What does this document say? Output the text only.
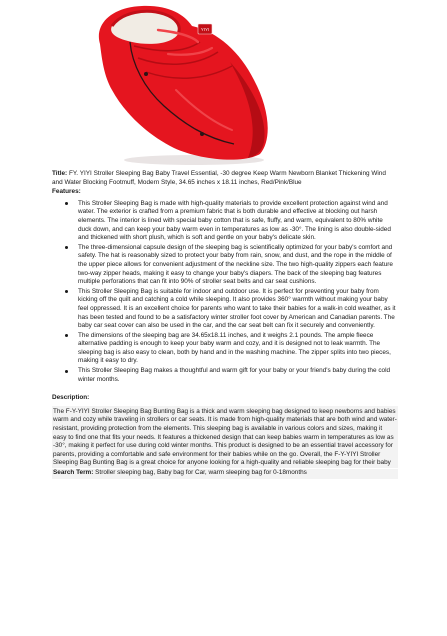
YIYI

Title: FY. YIYI Stroller Sleeping Bag Baby Travel Essential, -30 degree Keep Warm Newborn Blanket Thickening Wind and Water Blocking Footmuff, Modern Style, 34.65 inches x 18.11 inches, Red/Pink/Blue

Features:

This Stroller Sleeping Bag is made with high-quality materials to provide excellent protection against wind and water. The exterior is crafted from a premium fabric that is both durable and effective at blocking out harsh elements. The interior is lined with special baby cotton that is safe, fluffy, and warm, equivalent to 80% white duck down, and can keep your baby warm even in temperatures as low as -30°. The lining is also double-sided and thickened with short plush, which is soft and gentle on your baby's delicate skin.
The three-dimensional capsule design of the sleeping bag is scientifically optimized for your baby's comfort and safety. The hat is reasonably sized to protect your baby from rain, snow, and dust, and the rope in the middle of the upper piece allows for convenient adjustment of the neckline size. The two high-quality zippers each feature two-way zipper heads, making it easy to change your baby's diapers. The back of the sleeping bag features multiple perforations that can fit into 90% of stroller seat belts and car seat cushions.
This Stroller Sleeping Bag is suitable for indoor and outdoor use. It is perfect for preventing your baby from kicking off the quilt and catching a cold while sleeping. It also provides 360° warmth without making your baby feel oppressed. It is an excellent choice for parents who want to take their babies for a walk-in cold weather, as it has been tested and found to be a satisfactory winter stroller foot cover by American and Canadian parents. The baby car seat cover can also be used in the car, and the car seat belt can fix it securely and conveniently.
The dimensions of the sleeping bag are 34.65x18.11 inches, and it weighs 2.1 pounds. The ample fleece alternative padding is enough to keep your baby warm and cozy, and it is designed not to leak warmth. The sleeping bag is also easy to clean, both by hand and in the washing machine. The zipper splits into two pieces, making it easy to dry.
This Stroller Sleeping Bag makes a thoughtful and warm gift for your baby or your friend's baby during the cold winter months.

Description:

The F-Y-YIYI Stroller Sleeping Bag Bunting Bag is a thick and warm sleeping bag designed to keep newborns and babies warm and cozy while traveling in strollers or car seats. It is made from high-quality materials that are both wind and water-resistant, providing protection from the elements. This sleeping bag is available in various colors and sizes, making it easy to find one that fits your needs. It features a thickened design that can keep babies warm in temperatures as low as -30°, making it perfect for use during cold winter months. This product is designed to be an essential travel accessory for parents, providing a comfortable and safe environment for their babies while on the go. Overall, the F-Y-YIYI Stroller Sleeping Bag Bunting Bag is a great choice for anyone looking for a high-quality and reliable sleeping bag for their baby

Search Term: Stroller sleeping bag, Baby bag for Car, warm sleeping bag for 0-18months
